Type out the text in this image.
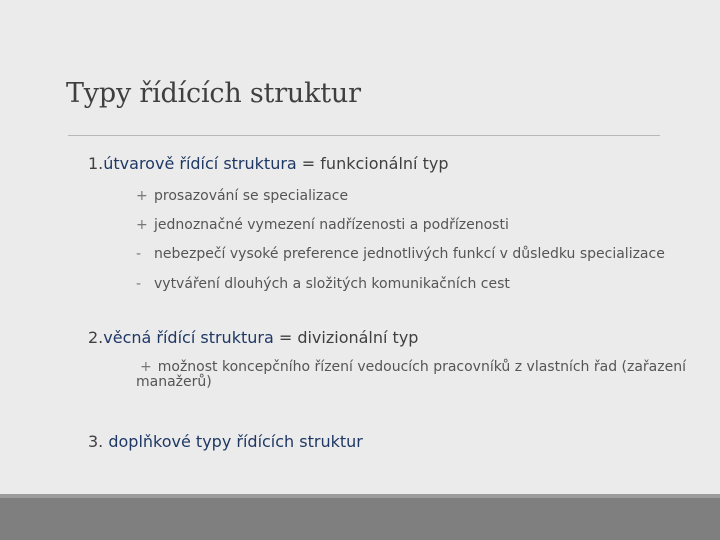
Typy řídících struktur
1.útvarově řídící struktura = funkcionální typ
+ prosazování se specializace
+ jednoznačné vymezení nadřízenosti a podřízenosti
- nebezpečí vysoké preference jednotlivých funkcí v důsledku specializace
- vytváření dlouhých a složitých komunikačních cest
2.věcná řídící struktura = divizionální typ
+ možnost koncepčního řízení vedoucích pracovníků z vlastních řad (zařazení manažerů)
3. doplňkové typy řídících struktur
